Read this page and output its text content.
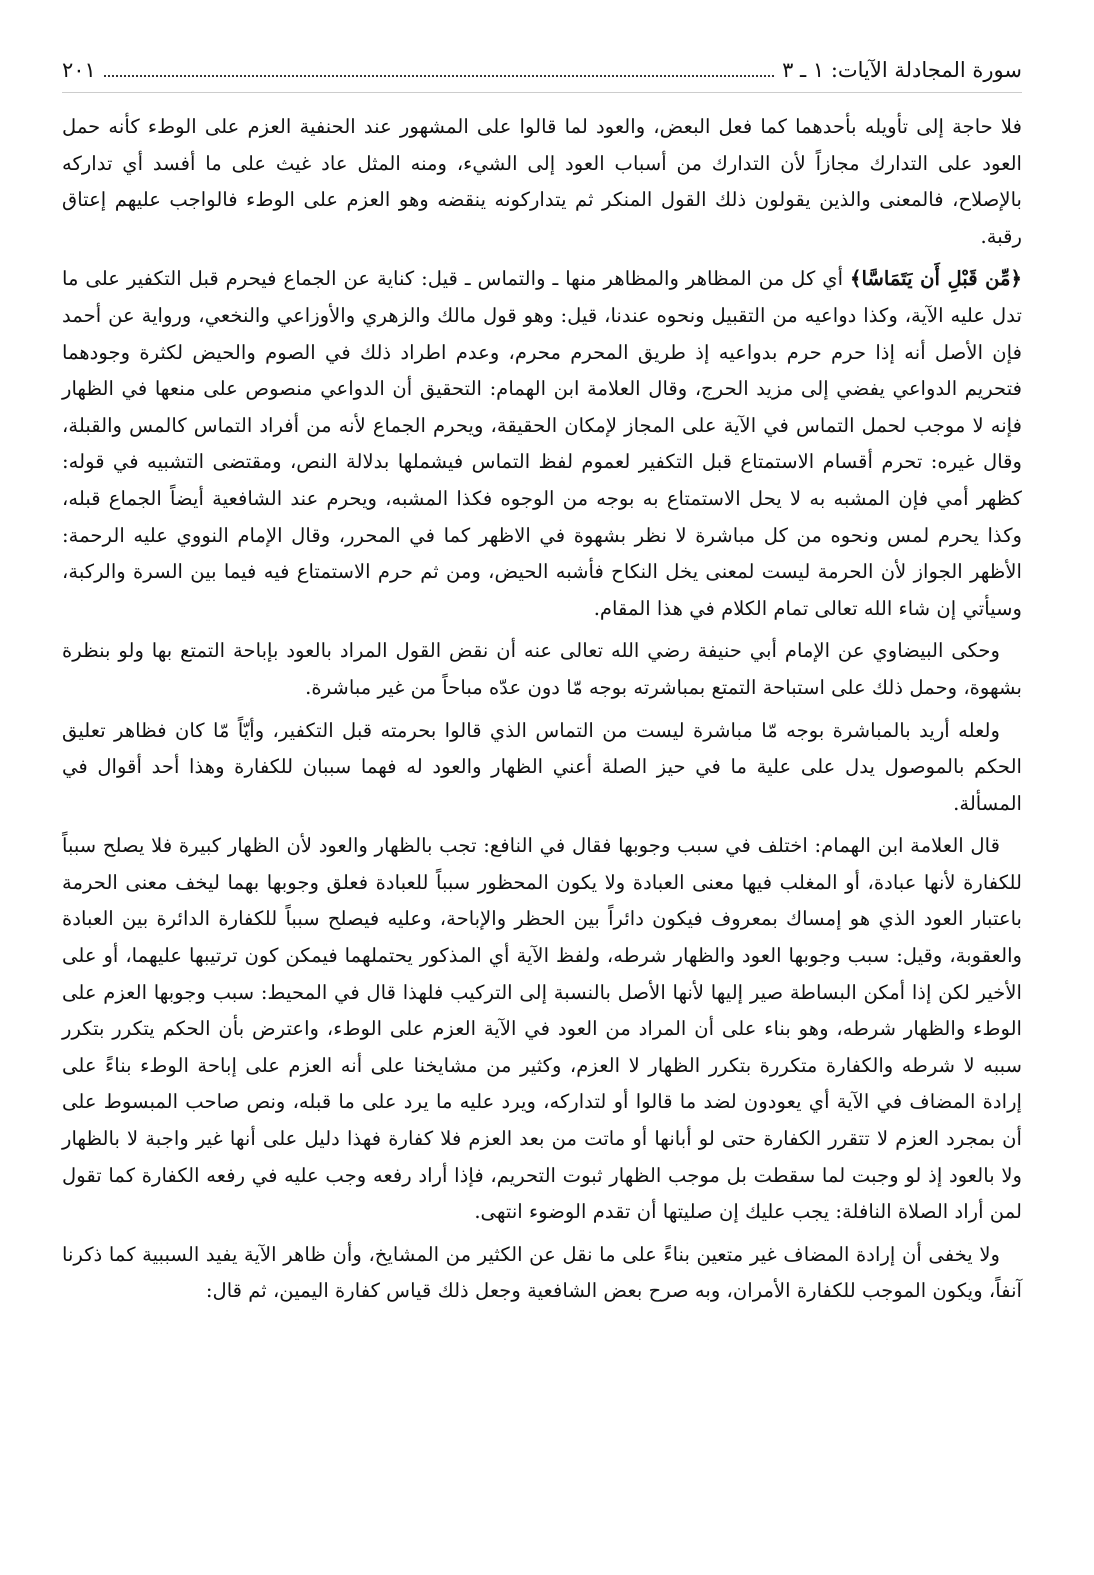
سورة المجادلة الآيات: ١ ـ ٣
٢٠١

فلا حاجة إلى تأويله بأحدهما كما فعل البعض، والعود لما قالوا على المشهور عند الحنفية العزم على الوطء كأنه حمل العود على التدارك مجازاً لأن التدارك من أسباب العود إلى الشيء، ومنه المثل عاد غيث على ما أفسد أي تداركه بالإصلاح، فالمعنى والذين يقولون ذلك القول المنكر ثم يتداركونه ينقضه وهو العزم على الوطء فالواجب عليهم إعتاق رقبة.

﴿مِّن قَبْلِ أَن يَتَمَاسَّا﴾ أي كل من المظاهر والمظاهر منها ـ والتماس ـ قيل: كناية عن الجماع فيحرم قبل التكفير على ما تدل عليه الآية، وكذا دواعيه من التقبيل ونحوه عندنا، قيل: وهو قول مالك والزهري والأوزاعي والنخعي، ورواية عن أحمد فإن الأصل أنه إذا حرم حرم بدواعيه إذ طريق المحرم محرم، وعدم اطراد ذلك في الصوم والحيض لكثرة وجودهما فتحريم الدواعي يفضي إلى مزيد الحرج، وقال العلامة ابن الهمام: التحقيق أن الدواعي منصوص على منعها في الظهار فإنه لا موجب لحمل التماس في الآية على المجاز لإمكان الحقيقة، ويحرم الجماع لأنه من أفراد التماس كالمس والقبلة، وقال غيره: تحرم أقسام الاستمتاع قبل التكفير لعموم لفظ التماس فيشملها بدلالة النص، ومقتضى التشبيه في قوله: كظهر أمي فإن المشبه به لا يحل الاستمتاع به بوجه من الوجوه فكذا المشبه، ويحرم عند الشافعية أيضاً الجماع قبله، وكذا يحرم لمس ونحوه من كل مباشرة لا نظر بشهوة في الاظهر كما في المحرر، وقال الإمام النووي عليه الرحمة: الأظهر الجواز لأن الحرمة ليست لمعنى يخل النكاح فأشبه الحيض، ومن ثم حرم الاستمتاع فيه فيما بين السرة والركبة، وسيأتي إن شاء الله تعالى تمام الكلام في هذا المقام.

وحكى البيضاوي عن الإمام أبي حنيفة رضي الله تعالى عنه أن نقض القول المراد بالعود بإباحة التمتع بها ولو بنظرة بشهوة، وحمل ذلك على استباحة التمتع بمباشرته بوجه مّا دون عدّه مباحاً من غير مباشرة.

ولعله أريد بالمباشرة بوجه مّا مباشرة ليست من التماس الذي قالوا بحرمته قبل التكفير، وأيّاً مّا كان فظاهر تعليق الحكم بالموصول يدل على علية ما في حيز الصلة أعني الظهار والعود له فهما سببان للكفارة وهذا أحد أقوال في المسألة.

قال العلامة ابن الهمام: اختلف في سبب وجوبها فقال في النافع: تجب بالظهار والعود لأن الظهار كبيرة فلا يصلح سبباً للكفارة لأنها عبادة، أو المغلب فيها معنى العبادة ولا يكون المحظور سبباً للعبادة فعلق وجوبها بهما ليخف معنى الحرمة باعتبار العود الذي هو إمساك بمعروف فيكون دائراً بين الحظر والإباحة، وعليه فيصلح سبباً للكفارة الدائرة بين العبادة والعقوبة، وقيل: سبب وجوبها العود والظهار شرطه، ولفظ الآية أي المذكور يحتملهما فيمكن كون ترتيبها عليهما، أو على الأخير لكن إذا أمكن البساطة صير إليها لأنها الأصل بالنسبة إلى التركيب فلهذا قال في المحيط: سبب وجوبها العزم على الوطء والظهار شرطه، وهو بناء على أن المراد من العود في الآية العزم على الوطء، واعترض بأن الحكم يتكرر بتكرر سببه لا شرطه والكفارة متكررة بتكرر الظهار لا العزم، وكثير من مشايخنا على أنه العزم على إباحة الوطء بناءً على إرادة المضاف في الآية أي يعودون لضد ما قالوا أو لتداركه، ويرد عليه ما يرد على ما قبله، ونص صاحب المبسوط على أن بمجرد العزم لا تتقرر الكفارة حتى لو أبانها أو ماتت من بعد العزم فلا كفارة فهذا دليل على أنها غير واجبة لا بالظهار ولا بالعود إذ لو وجبت لما سقطت بل موجب الظهار ثبوت التحريم، فإذا أراد رفعه وجب عليه في رفعه الكفارة كما تقول لمن أراد الصلاة النافلة: يجب عليك إن صليتها أن تقدم الوضوء انتهى.

ولا يخفى أن إرادة المضاف غير متعين بناءً على ما نقل عن الكثير من المشايخ، وأن ظاهر الآية يفيد السببية كما ذكرنا آنفاً، ويكون الموجب للكفارة الأمران، وبه صرح بعض الشافعية وجعل ذلك قياس كفارة اليمين، ثم قال:
